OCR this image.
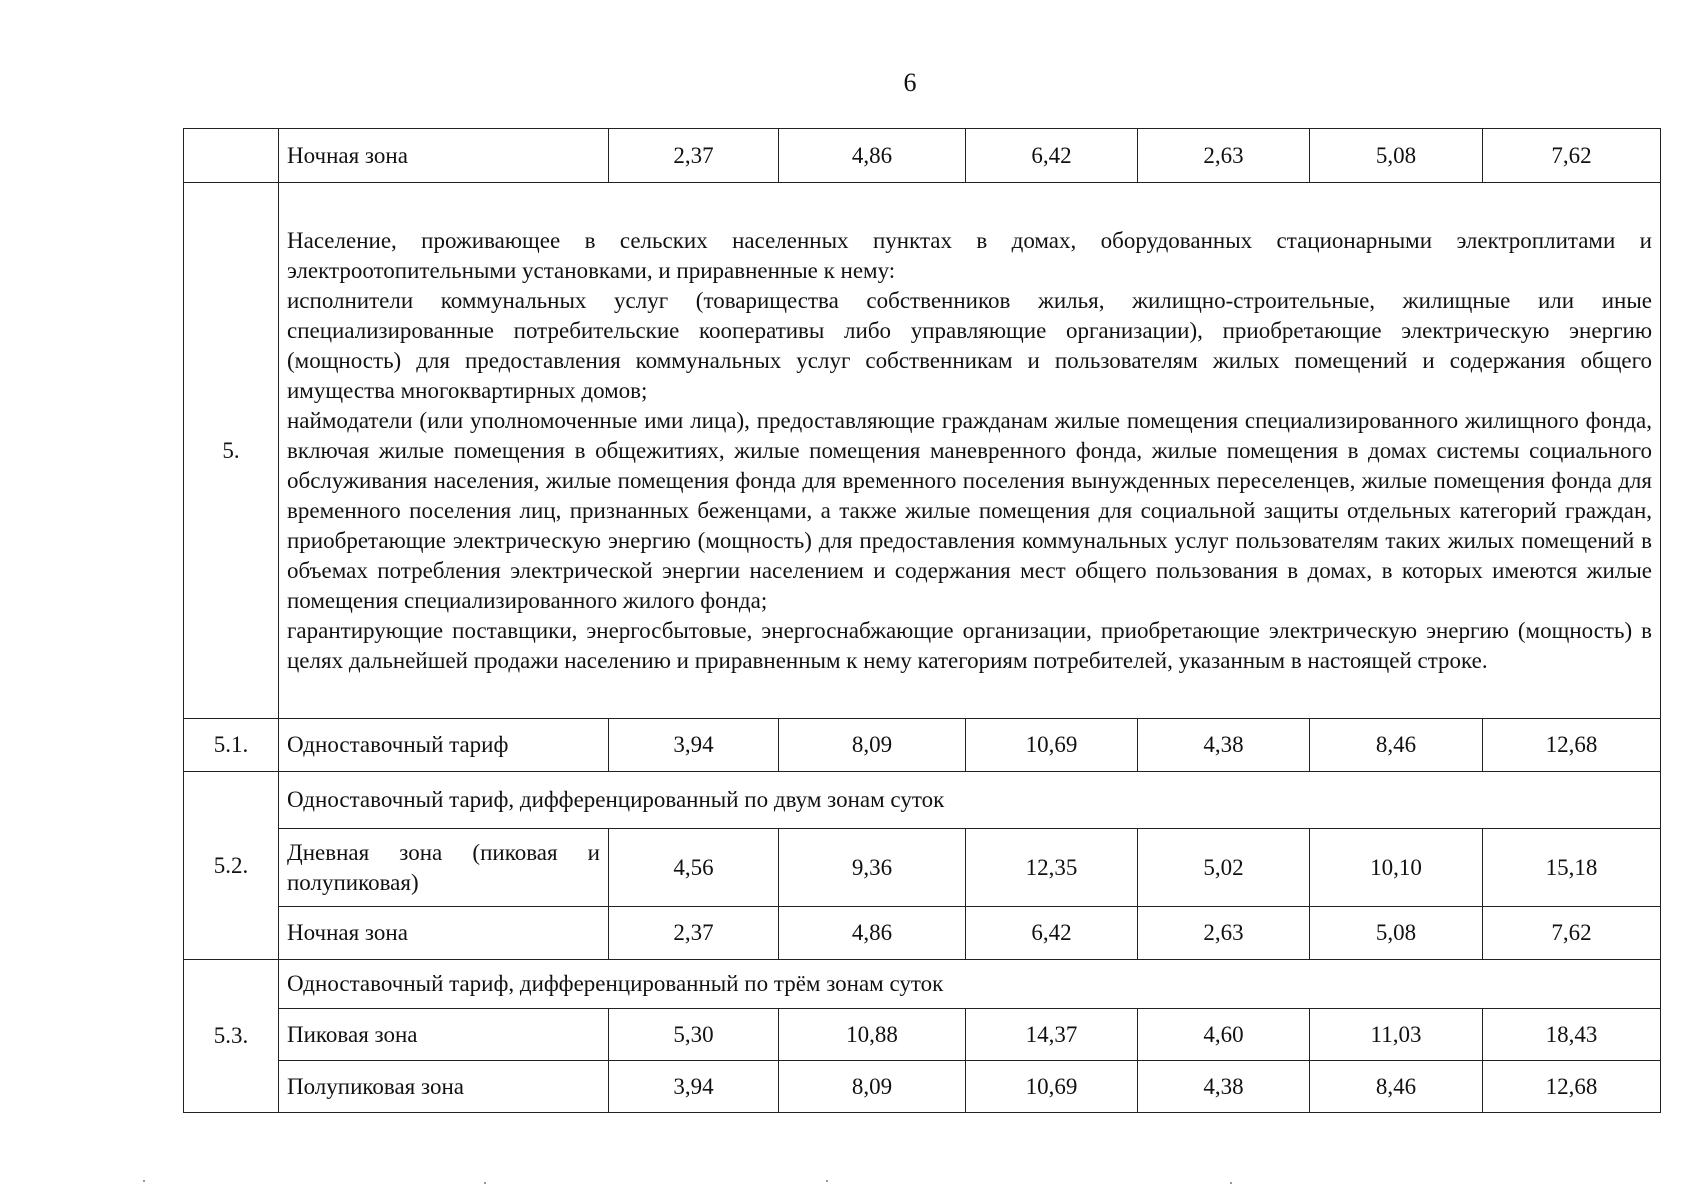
6
	Ночная зона	2,37	4,86	6,42	2,63	5,08	7,62
5.	Население, проживающее в сельских населенных пунктах в домах, оборудованных стационарными электроплитами и электроотопительными установками, и приравненные к нему:

исполнители коммунальных услуг (товарищества собственников жилья, жилищно-строительные, жилищные или иные специализированные потребительские кооперативы либо управляющие организации), приобретающие электрическую энергию (мощность) для предоставления коммунальных услуг собственникам и пользователям жилых помещений и содержания общего имущества многоквартирных домов;

наймодатели (или уполномоченные ими лица), предоставляющие гражданам жилые помещения специализированного жилищного фонда, включая жилые помещения в общежитиях, жилые помещения маневренного фонда, жилые помещения в домах системы социального обслуживания населения, жилые помещения фонда для временного поселения вынужденных переселенцев, жилые помещения фонда для временного поселения лиц, признанных беженцами, а также жилые помещения для социальной защиты отдельных категорий граждан, приобретающие электрическую энергию (мощность) для предоставления коммунальных услуг пользователям таких жилых помещений в объемах потребления электрической энергии населением и содержания мест общего пользования в домах, в которых имеются жилые помещения специализированного жилого фонда;

гарантирующие поставщики, энергосбытовые, энергоснабжающие организации, приобретающие электрическую энергию (мощность) в целях дальнейшей продажи населению и приравненным к нему категориям потребителей, указанным в настоящей строке.						

5.1.	Одноставочный тариф	3,94	8,09	10,69	4,38	8,46	12,68
5.2.	Одноставочный тариф, дифференцированный по двум зонам суток						
	Дневная зона (пиковая и полупиковая)	4,56	9,36	12,35	5,02	10,10	15,18
	Ночная зона	2,37	4,86	6,42	2,63	5,08	7,62
5.3.	Одноставочный тариф, дифференцированный по трём зонам суток						
	Пиковая зона	5,30	10,88	14,37	4,60	11,03	18,43
	Полупиковая зона	3,94	8,09	10,69	4,38	8,46	12,68
